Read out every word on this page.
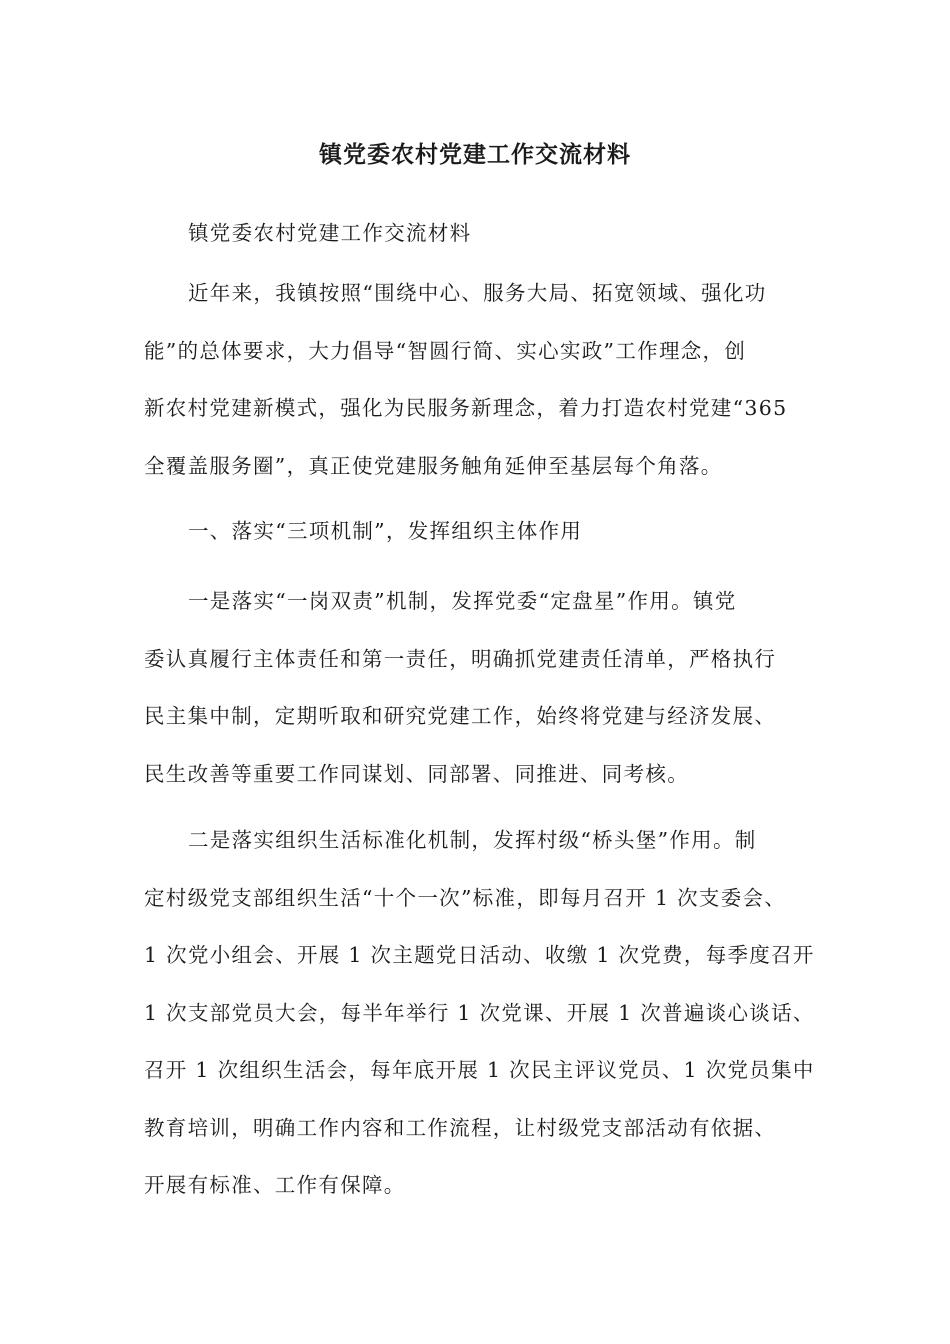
镇党委农村党建工作交流材料
镇党委农村党建工作交流材料
近年来，我镇按照“围绕中心、服务大局、拓宽领域、强化功
能”的总体要求，大力倡导“智圆行简、实心实政”工作理念，创
新农村党建新模式，强化为民服务新理念，着力打造农村党建“365
全覆盖服务圈”，真正使党建服务触角延伸至基层每个角落。
一、落实“三项机制”，发挥组织主体作用
一是落实“一岗双责”机制，发挥党委“定盘星”作用。镇党
委认真履行主体责任和第一责任，明确抓党建责任清单，严格执行
民主集中制，定期听取和研究党建工作，始终将党建与经济发展、
民生改善等重要工作同谋划、同部署、同推进、同考核。
二是落实组织生活标准化机制，发挥村级“桥头堡”作用。制
定村级党支部组织生活“十个一次”标准，即每月召开 1 次支委会、
1 次党小组会、开展 1 次主题党日活动、收缴 1 次党费，每季度召开
1 次支部党员大会，每半年举行 1 次党课、开展 1 次普遍谈心谈话、
召开 1 次组织生活会，每年底开展 1 次民主评议党员、1 次党员集中
教育培训，明确工作内容和工作流程，让村级党支部活动有依据、
开展有标准、工作有保障。
